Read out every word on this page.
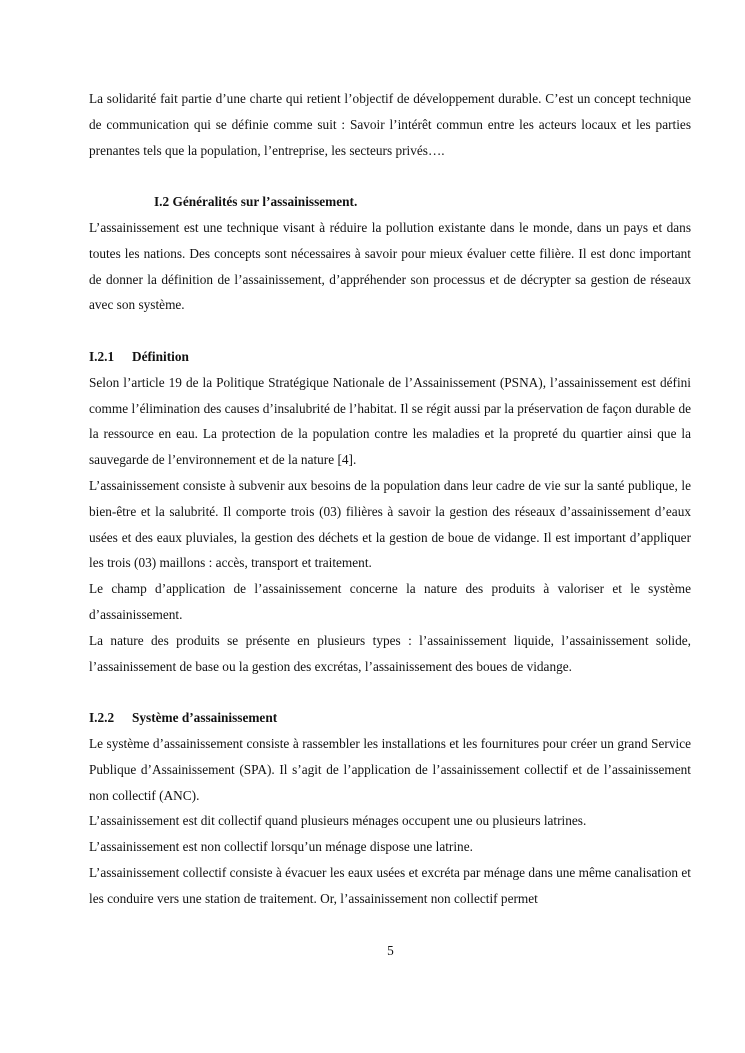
La solidarité fait partie d’une charte qui retient l’objectif de développement durable. C’est un concept technique de communication qui se définie comme suit : Savoir l’intérêt commun entre les acteurs locaux et les parties prenantes tels que la population, l’entreprise, les secteurs privés….

I.2 Généralités sur l’assainissement.

L’assainissement est une technique visant à réduire la pollution existante dans le monde, dans un pays et dans toutes les nations. Des concepts sont nécessaires à savoir pour mieux évaluer cette filière. Il est donc important de donner la définition de l’assainissement, d’appréhender son processus et de décrypter sa gestion de réseaux avec son système.

I.2.1 Définition

Selon l’article 19 de la Politique Stratégique Nationale de l’Assainissement (PSNA), l’assainissement est défini comme l’élimination des causes d’insalubrité de l’habitat. Il se régit aussi par la préservation de façon durable de la ressource en eau. La protection de la population contre les maladies et la propreté du quartier ainsi que la sauvegarde de l’environnement et de la nature [4].

L’assainissement consiste à subvenir aux besoins de la population dans leur cadre de vie sur la santé publique, le bien-être et la salubrité. Il comporte trois (03) filières à savoir la gestion des réseaux d’assainissement d’eaux usées et des eaux pluviales, la gestion des déchets et la gestion de boue de vidange. Il est important d’appliquer les trois (03) maillons : accès, transport et traitement.

Le champ d’application de l’assainissement concerne la nature des produits à valoriser et le système d’assainissement.

La nature des produits se présente en plusieurs types : l’assainissement liquide, l’assainissement solide, l’assainissement de base ou la gestion des excrétas, l’assainissement des boues de vidange.

I.2.2 Système d’assainissement

Le système d’assainissement consiste à rassembler les installations et les fournitures pour créer un grand Service Publique d’Assainissement (SPA). Il s’agit de l’application de l’assainissement collectif et de l’assainissement non collectif (ANC).

L’assainissement est dit collectif quand plusieurs ménages occupent une ou plusieurs latrines.

L’assainissement est non collectif lorsqu’un ménage dispose une latrine.

L’assainissement collectif consiste à évacuer les eaux usées et excréta par ménage dans une même canalisation et les conduire vers une station de traitement. Or, l’assainissement non collectif permet

5
